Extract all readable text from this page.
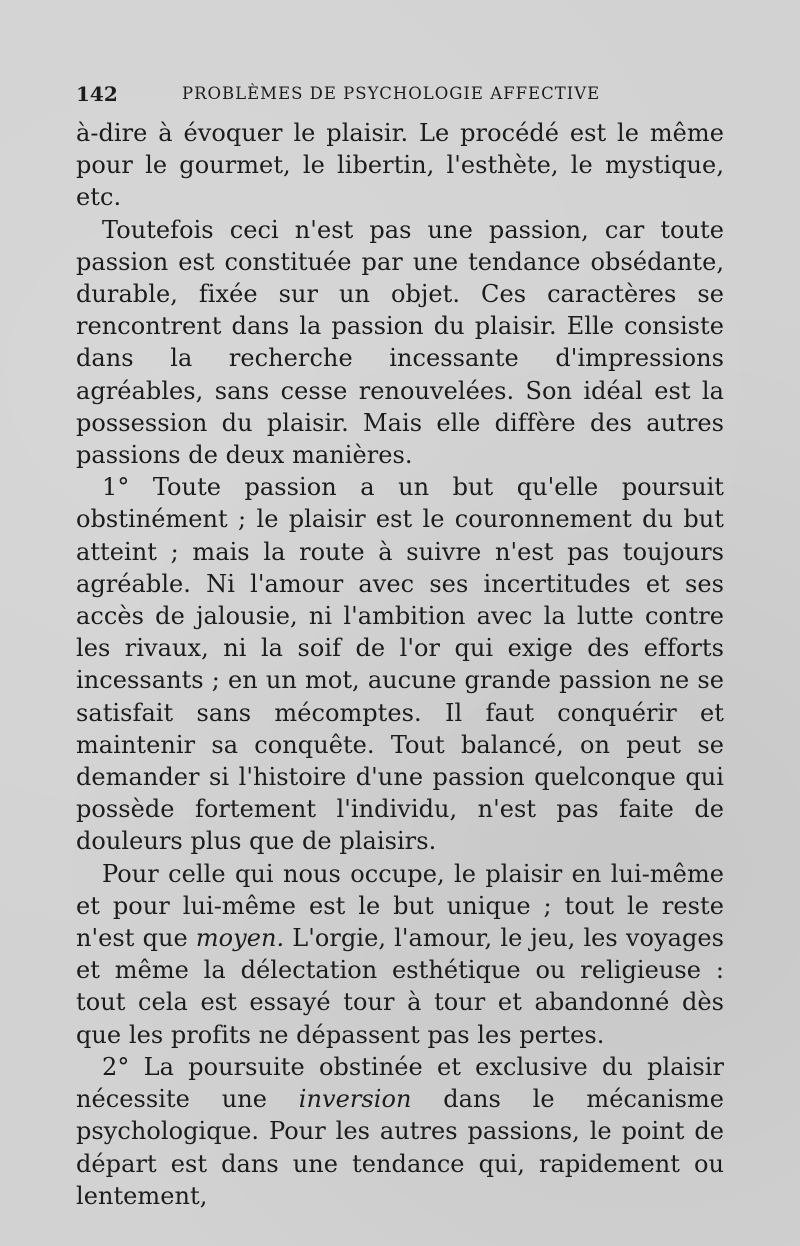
142	PROBLÈMES DE PSYCHOLOGIE AFFECTIVE

à-dire à évoquer le plaisir. Le procédé est le même pour le gourmet, le libertin, l'esthète, le mystique, etc.

Toutefois ceci n'est pas une passion, car toute passion est constituée par une tendance obsédante, durable, fixée sur un objet. Ces caractères se rencontrent dans la passion du plaisir. Elle consiste dans la recherche incessante d'impressions agréables, sans cesse renouvelées. Son idéal est la possession du plaisir. Mais elle diffère des autres passions de deux manières.

1° Toute passion a un but qu'elle poursuit obstinément ; le plaisir est le couronnement du but atteint ; mais la route à suivre n'est pas toujours agréable. Ni l'amour avec ses incertitudes et ses accès de jalousie, ni l'ambition avec la lutte contre les rivaux, ni la soif de l'or qui exige des efforts incessants ; en un mot, aucune grande passion ne se satisfait sans mécomptes. Il faut conquérir et maintenir sa conquête. Tout balancé, on peut se demander si l'histoire d'une passion quelconque qui possède fortement l'individu, n'est pas faite de douleurs plus que de plaisirs.

Pour celle qui nous occupe, le plaisir en lui-même et pour lui-même est le but unique ; tout le reste n'est que moyen. L'orgie, l'amour, le jeu, les voyages et même la délectation esthétique ou religieuse : tout cela est essayé tour à tour et abandonné dès que les profits ne dépassent pas les pertes.

2° La poursuite obstinée et exclusive du plaisir nécessite une inversion dans le mécanisme psychologique. Pour les autres passions, le point de départ est dans une tendance qui, rapidement ou lentement,
